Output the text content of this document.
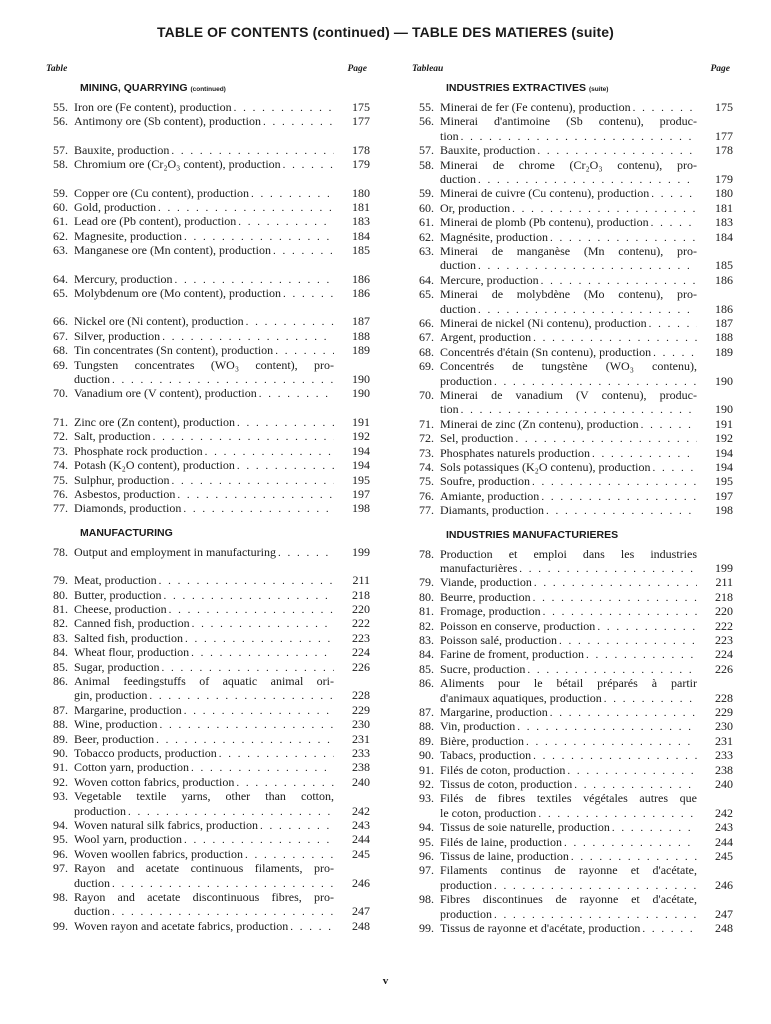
TABLE OF CONTENTS (continued) — TABLE DES MATIERES (suite)
Table	Page
MINING, QUARRYING (continued)
55. Iron ore (Fe content), production . . .	175
56. Antimony ore (Sb content), production . . .	177
57. Bauxite, production . . .	178
58. Chromium ore (Cr₂O₃ content), production . . .	179
59. Copper ore (Cu content), production . . .	180
60. Gold, production . . .	181
61. Lead ore (Pb content), production . . .	183
62. Magnesite, production . . .	184
63. Manganese ore (Mn content), production . . .	185
64. Mercury, production . . .	186
65. Molybdenum ore (Mo content), production . . .	186
66. Nickel ore (Ni content), production . . .	187
67. Silver, production . . .	188
68. Tin concentrates (Sn content), production . . .	189
69. Tungsten concentrates (WO₃ content), pro-
duction . . .	190
70. Vanadium ore (V content), production . . .	190
71. Zinc ore (Zn content), production . . .	191
72. Salt, production . . .	192
73. Phosphate rock production . . .	194
74. Potash (K₂O content), production . . .	194
75. Sulphur, production . . .	195
76. Asbestos, production . . .	197
77. Diamonds, production . . .	198
MANUFACTURING
78. Output and employment in manufacturing . . .	199
79. Meat, production . . .	211
80. Butter, production . . .	218
81. Cheese, production . . .	220
82. Canned fish, production . . .	222
83. Salted fish, production . . .	223
84. Wheat flour, production . . .	224
85. Sugar, production . . .	226
86. Animal feedingstuffs of aquatic animal ori-
gin, production . . .	228
87. Margarine, production . . .	229
88. Wine, production . . .	230
89. Beer, production . . .	231
90. Tobacco products, production . . .	233
91. Cotton yarn, production . . .	238
92. Woven cotton fabrics, production . . .	240
93. Vegetable textile yarns, other than cotton,
production . . .	242
94. Woven natural silk fabrics, production . . .	243
95. Wool yarn, production . . .	244
96. Woven woollen fabrics, production . . .	245
97. Rayon and acetate continuous filaments, pro-
duction . . .	246
98. Rayon and acetate discontinuous fibres, pro-
duction . . .	247
99. Woven rayon and acetate fabrics, production . . .	248
Tableau	Page
INDUSTRIES EXTRACTIVES (suite)
55. Minerai de fer (Fe contenu), production . . .	175
56. Minerai d'antimoine (Sb contenu), produc-
tion . . .	177
57. Bauxite, production . . .	178
58. Minerai de chrome (Cr₂O₃ contenu), pro-
duction . . .	179
59. Minerai de cuivre (Cu contenu), production . . .	180
60. Or, production . . .	181
61. Minerai de plomb (Pb contenu), production . . .	183
62. Magnésite, production . . .	184
63. Minerai de manganèse (Mn contenu), pro-
duction . . .	185
64. Mercure, production . . .	186
65. Minerai de molybdène (Mo contenu), pro-
duction . . .	186
66. Minerai de nickel (Ni contenu), production . . .	187
67. Argent, production . . .	188
68. Concentrés d'étain (Sn contenu), production . . .	189
69. Concentrés de tungstène (WO₃ contenu),
production . . .	190
70. Minerai de vanadium (V contenu), produc-
tion . . .	190
71. Minerai de zinc (Zn contenu), production . . .	191
72. Sel, production . . .	192
73. Phosphates naturels production . . .	194
74. Sols potassiques (K₂O contenu), production . . .	194
75. Soufre, production . . .	195
76. Amiante, production . . .	197
77. Diamants, production . . .	198
INDUSTRIES MANUFACTURIERES
78. Production et emploi dans les industries
manufacturières . . .	199
79. Viande, production . . .	211
80. Beurre, production . . .	218
81. Fromage, production . . .	220
82. Poisson en conserve, production . . .	222
83. Poisson salé, production . . .	223
84. Farine de froment, production . . .	224
85. Sucre, production . . .	226
86. Aliments pour le bétail préparés à partir
d'animaux aquatiques, production . . .	228
87. Margarine, production . . .	229
88. Vin, production . . .	230
89. Bière, production . . .	231
90. Tabacs, production . . .	233
91. Filés de coton, production . . .	238
92. Tissus de coton, production . . .	240
93. Filés de fibres textiles végétales autres que
le coton, production . . .	242
94. Tissus de soie naturelle, production . . .	243
95. Filés de laine, production . . .	244
96. Tissus de laine, production . . .	245
97. Filaments continus de rayonne et d'acétate,
production . . .	246
98. Fibres discontinues de rayonne et d'acétate,
production . . .	247
99. Tissus de rayonne et d'acétate, production . . .	248
v
